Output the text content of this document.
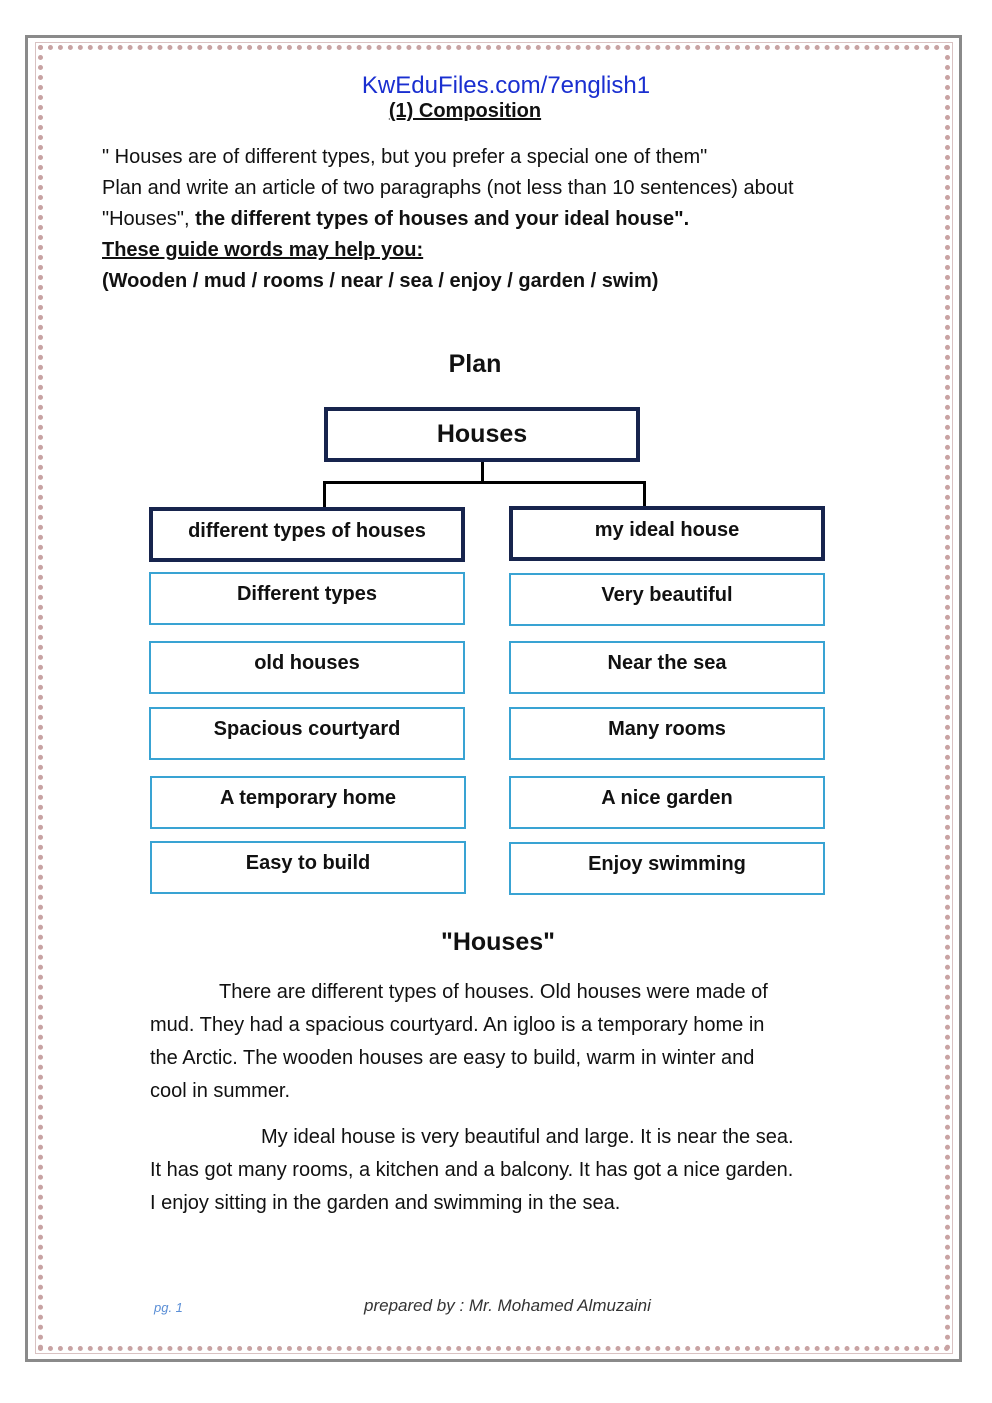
KwEduFiles.com/7english1
(1) Composition
" Houses are of different types, but you prefer a special one of them"
Plan and write an article of two paragraphs (not less than 10 sentences) about
"Houses", the different types of houses and your ideal house".
These guide words may help you:
(Wooden / mud / rooms / near / sea / enjoy / garden / swim)
Plan
Houses
different types of houses	my ideal house
Different types
old houses
Spacious courtyard
A temporary home
Easy to build
Very beautiful
Near the sea
Many rooms
A nice garden
Enjoy swimming
"Houses"
There are different types of houses. Old houses were made of
mud. They had a spacious courtyard. An igloo is a temporary home in
the Arctic. The wooden houses are easy to build, warm in winter and
cool in summer.
My ideal house is very beautiful and large. It is near the sea.
It has got many rooms, a kitchen and a balcony. It has got a nice garden.
I enjoy sitting in the garden and swimming in the sea.
pg. 1	prepared by : Mr. Mohamed Almuzaini
